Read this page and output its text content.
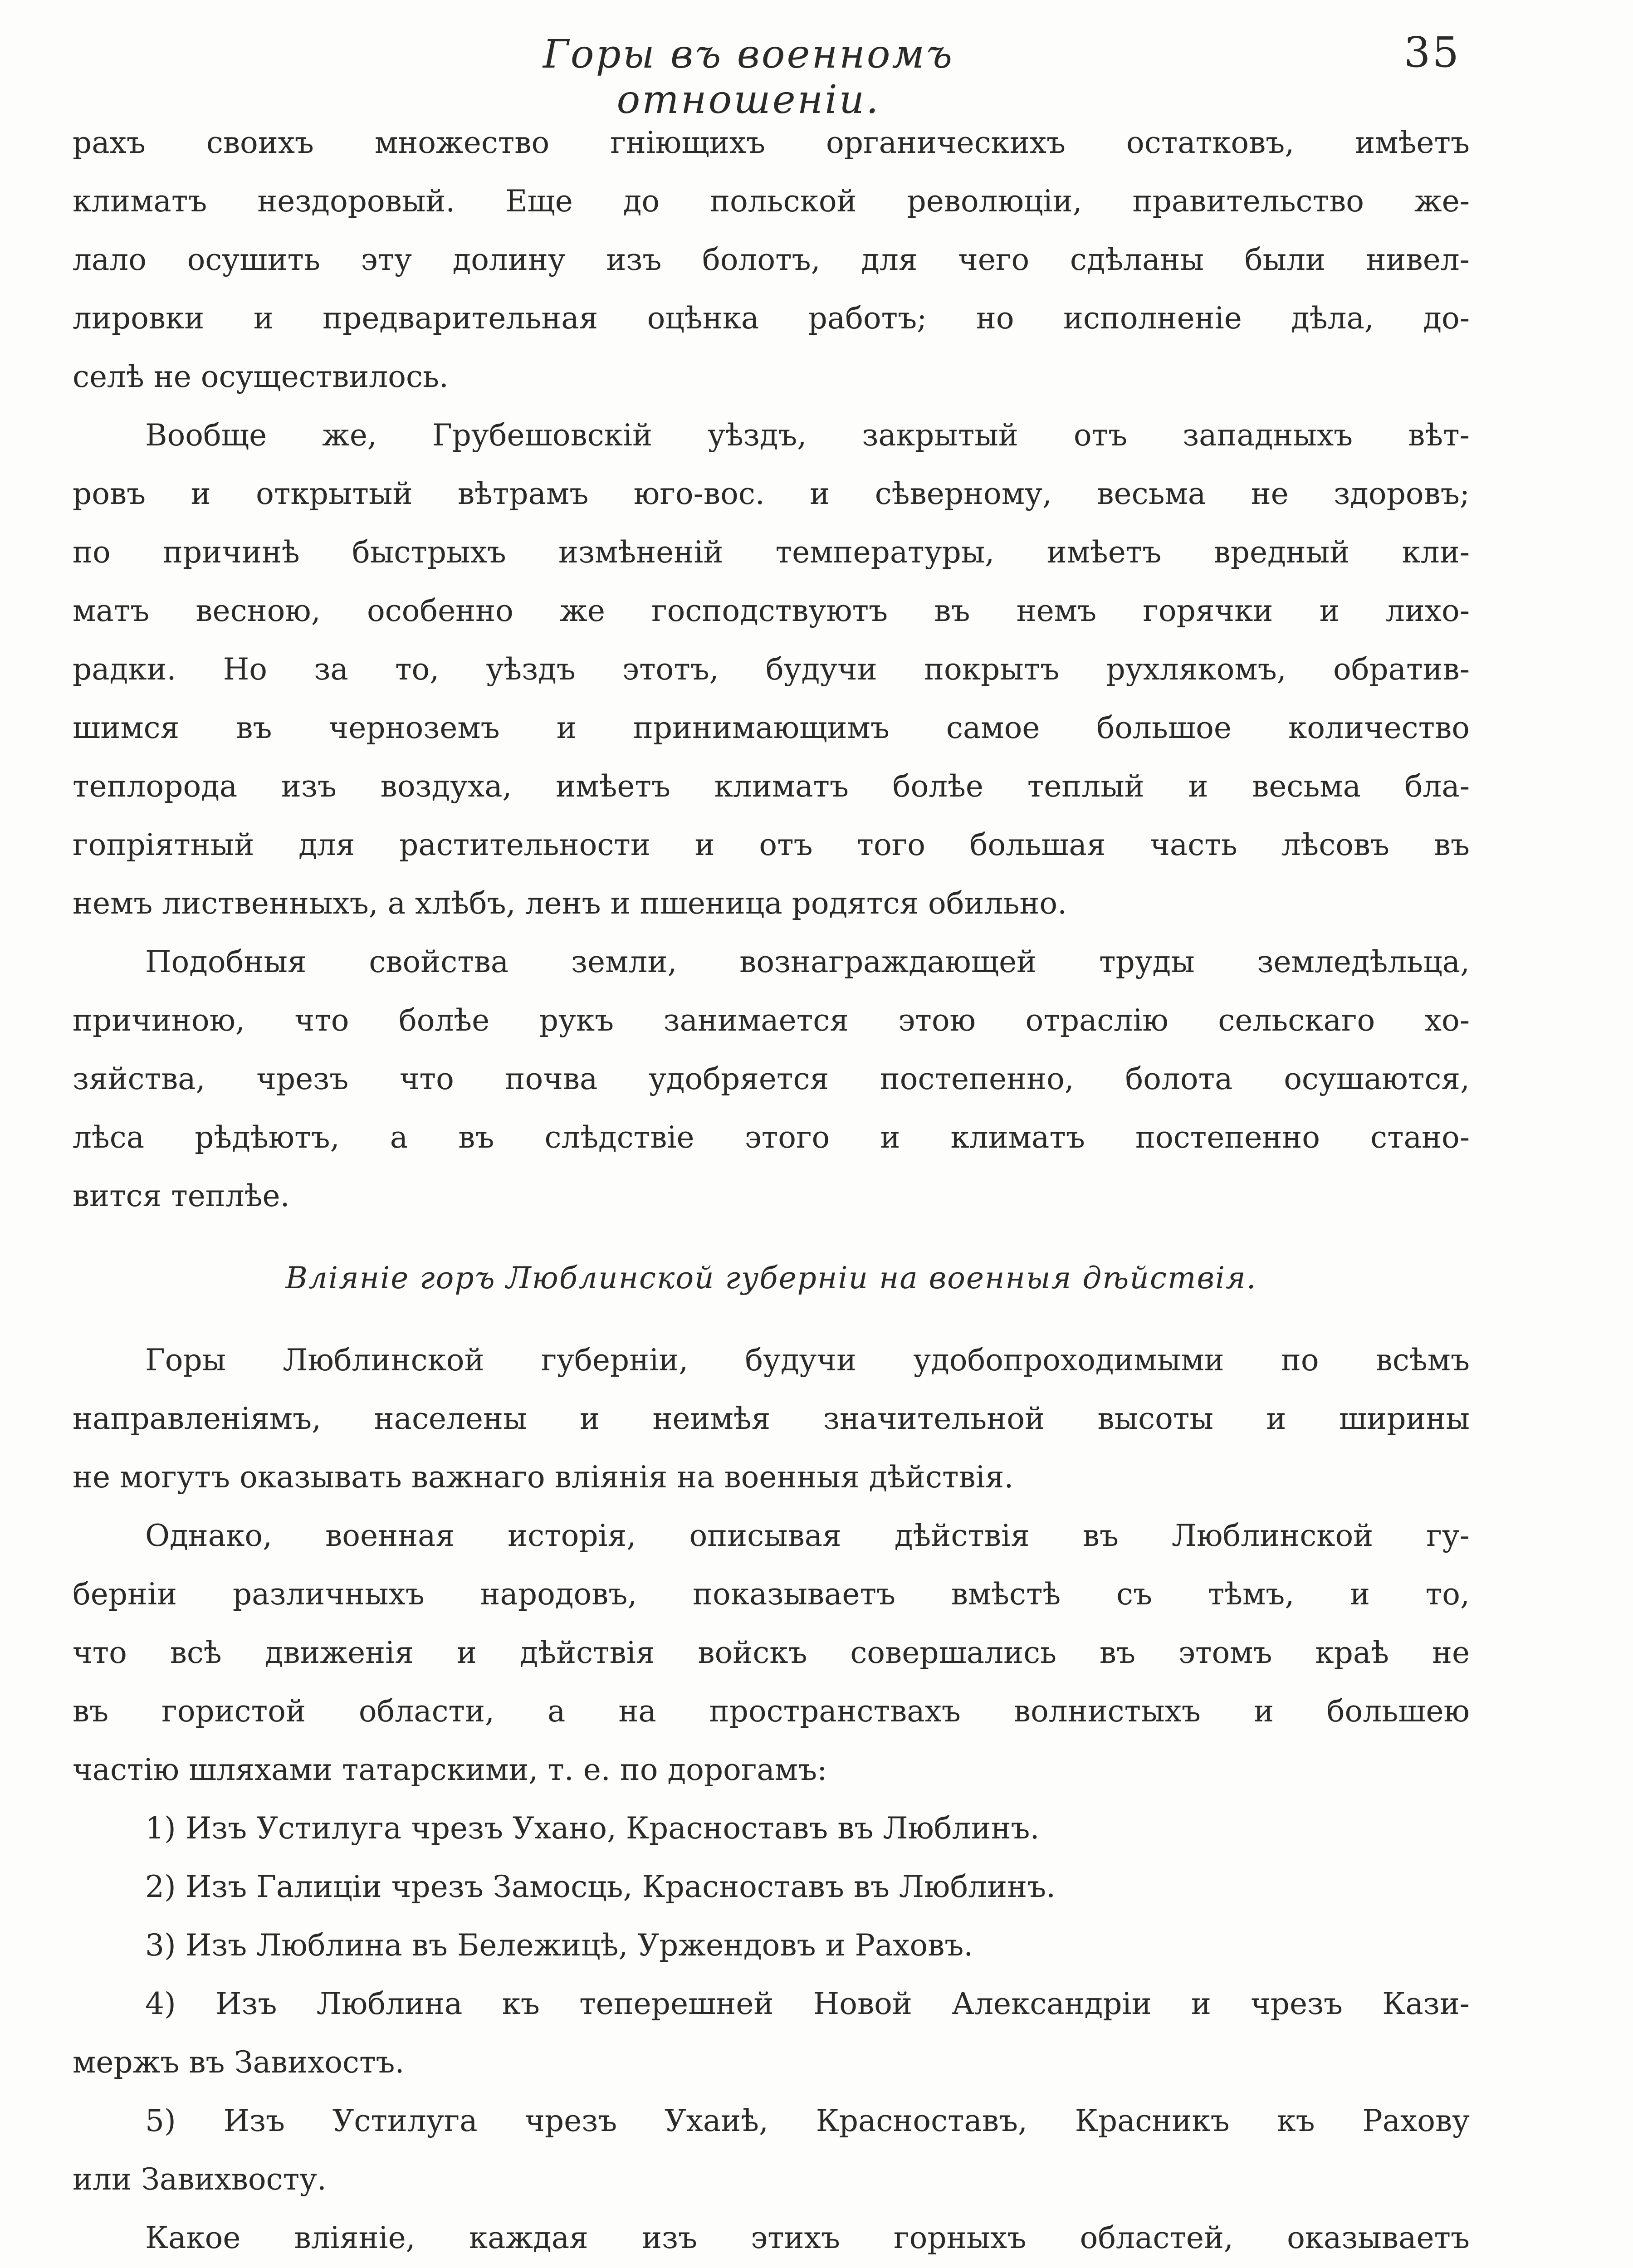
Горы въ военномъ отношеніи.
35
рахъ своихъ множество гніющихъ органическихъ остатковъ, имѣетъ
климатъ нездоровый. Еще до польской революціи, правительство же-
лало осушить эту долину изъ болотъ, для чего сдѣланы были нивел-
лировки и предварительная оцѣнка работъ; но исполненіе дѣла, до-
селѣ не осуществилось.
Вообще же, Грубешовскій уѣздъ, закрытый отъ западныхъ вѣт-
ровъ и открытый вѣтрамъ юго-вос. и сѣверному, весьма не здоровъ;
по причинѣ быстрыхъ измѣненій температуры, имѣетъ вредный кли-
матъ весною, особенно же господствуютъ въ немъ горячки и лихо-
радки. Но за то, уѣздъ этотъ, будучи покрытъ рухлякомъ, обратив-
шимся въ черноземъ и принимающимъ самое большое количество
теплорода изъ воздуха, имѣетъ климатъ болѣе теплый и весьма бла-
гопріятный для растительности и отъ того большая часть лѣсовъ въ
немъ лиственныхъ, а хлѣбъ, ленъ и пшеница родятся обильно.
Подобныя свойства земли, вознаграждающей труды земледѣльца,
причиною, что болѣе рукъ занимается этою отраслію сельскаго хо-
зяйства, чрезъ что почва удобряется постепенно, болота осушаются,
лѣса рѣдѣютъ, а въ слѣдствіе этого и климатъ постепенно стано-
вится теплѣе.
Вліяніе горъ Люблинской губерніи на военныя дѣйствія.
Горы Люблинской губерніи, будучи удобопроходимыми по всѣмъ
направленіямъ, населены и неимѣя значительной высоты и ширины
не могутъ оказывать важнаго вліянія на военныя дѣйствія.
Однако, военная исторія, описывая дѣйствія въ Люблинской гу-
берніи различныхъ народовъ, показываетъ вмѣстѣ съ тѣмъ, и то,
что всѣ движенія и дѣйствія войскъ совершались въ этомъ краѣ не
въ гористой области, а на пространствахъ волнистыхъ и большею
частію шляхами татарскими, т. е. по дорогамъ:
1) Изъ Устилуга чрезъ Ухано, Красноставъ въ Люблинъ.
2) Изъ Галиціи чрезъ Замосць, Красноставъ въ Люблинъ.
3) Изъ Люблина въ Бележицѣ, Уржендовъ и Раховъ.
4) Изъ Люблина къ теперешней Новой Александріи и чрезъ Кази-
мержъ въ Завихостъ.
5) Изъ Устилуга чрезъ Ухаиѣ, Красноставъ, Красникъ къ Рахову
или Завихвосту.
Какое вліяніе, каждая изъ этихъ горныхъ областей, оказываетъ
